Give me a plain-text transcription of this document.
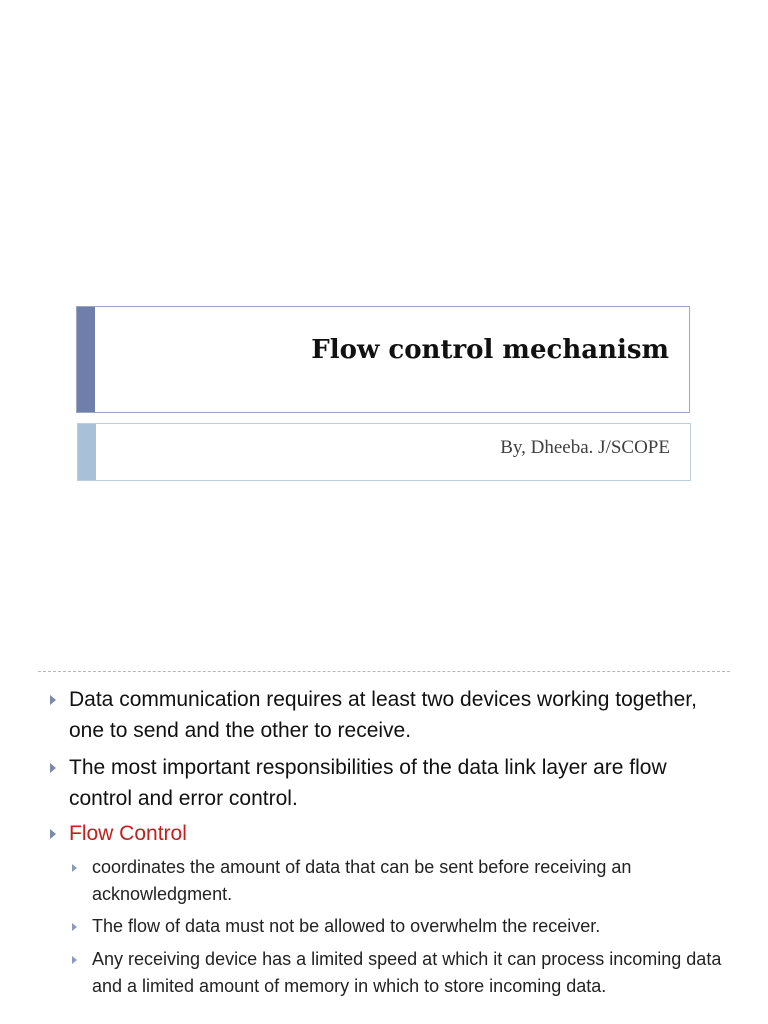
Flow control mechanism
By, Dheeba. J/SCOPE
Data communication requires at least two devices working together, one to send and the other to receive.
The most important responsibilities of the data link layer are flow control and error control.
Flow Control
coordinates the amount of data that can be sent before receiving an acknowledgment.
The flow of data must not be allowed to overwhelm the receiver.
Any receiving device has a limited speed at which it can process incoming data and a limited amount of memory in which to store incoming data.
